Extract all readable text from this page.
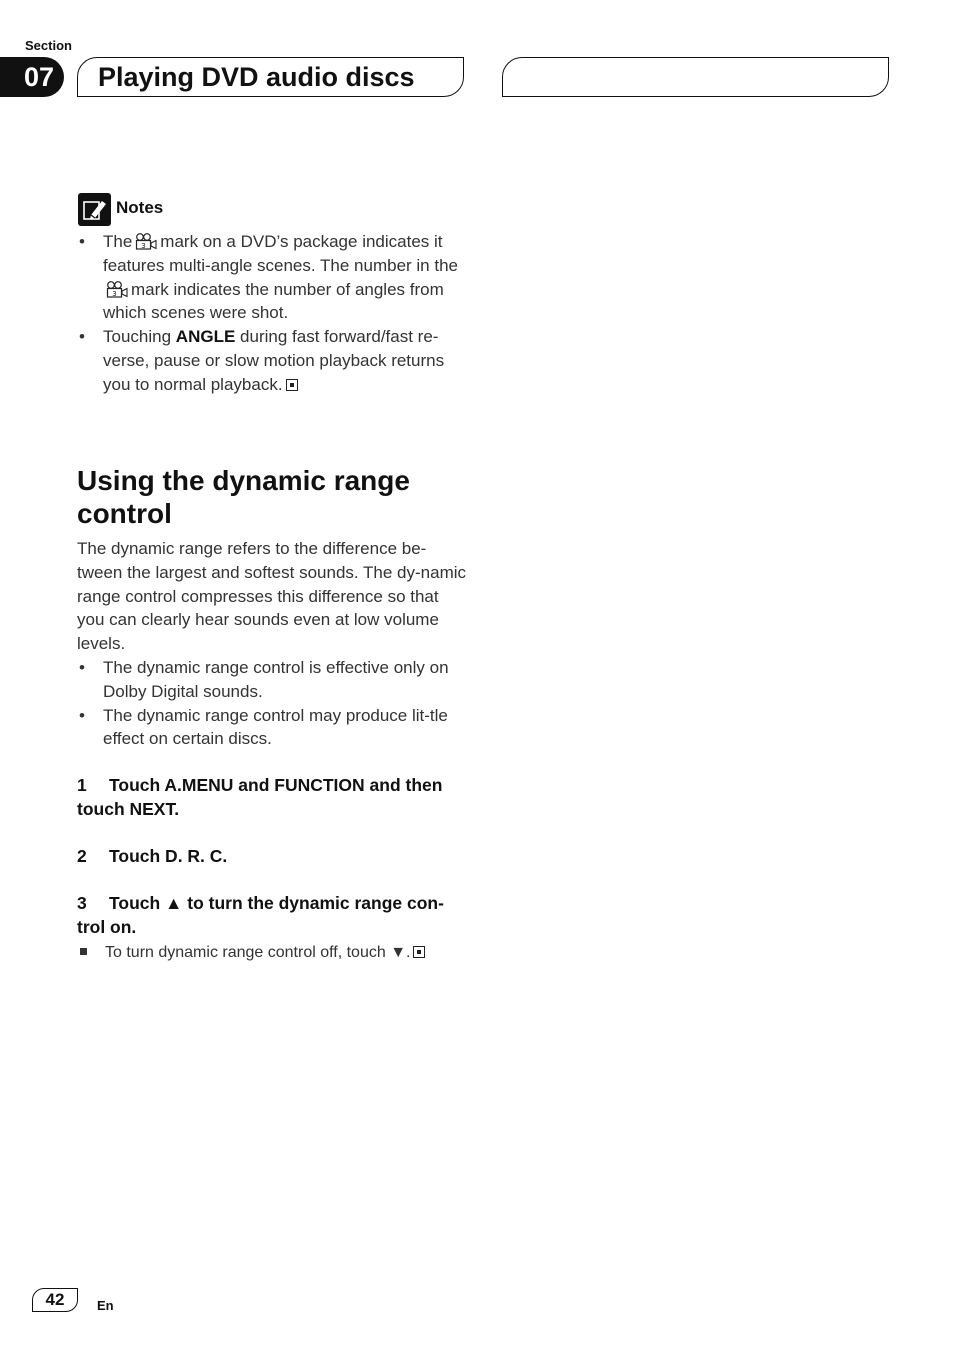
Section
07	Playing DVD audio discs
Notes
• The 3 mark on a DVD’s package indicates it features multi-angle scenes. The number in the
3 mark indicates the number of angles from which scenes were shot.
• Touching ANGLE during fast forward/fast re-verse, pause or slow motion playback returns you to normal playback.
Using the dynamic range control
The dynamic range refers to the difference be-tween the largest and softest sounds. The dy-namic range control compresses this difference so that you can clearly hear sounds even at low volume levels.
• The dynamic range control is effective only on Dolby Digital sounds.
• The dynamic range control may produce lit-tle effect on certain discs.
1 Touch A.MENU and FUNCTION and then touch NEXT.
2 Touch D. R. C.
3 Touch ▲ to turn the dynamic range con-trol on.
To turn dynamic range control off, touch ▼.
42	En
